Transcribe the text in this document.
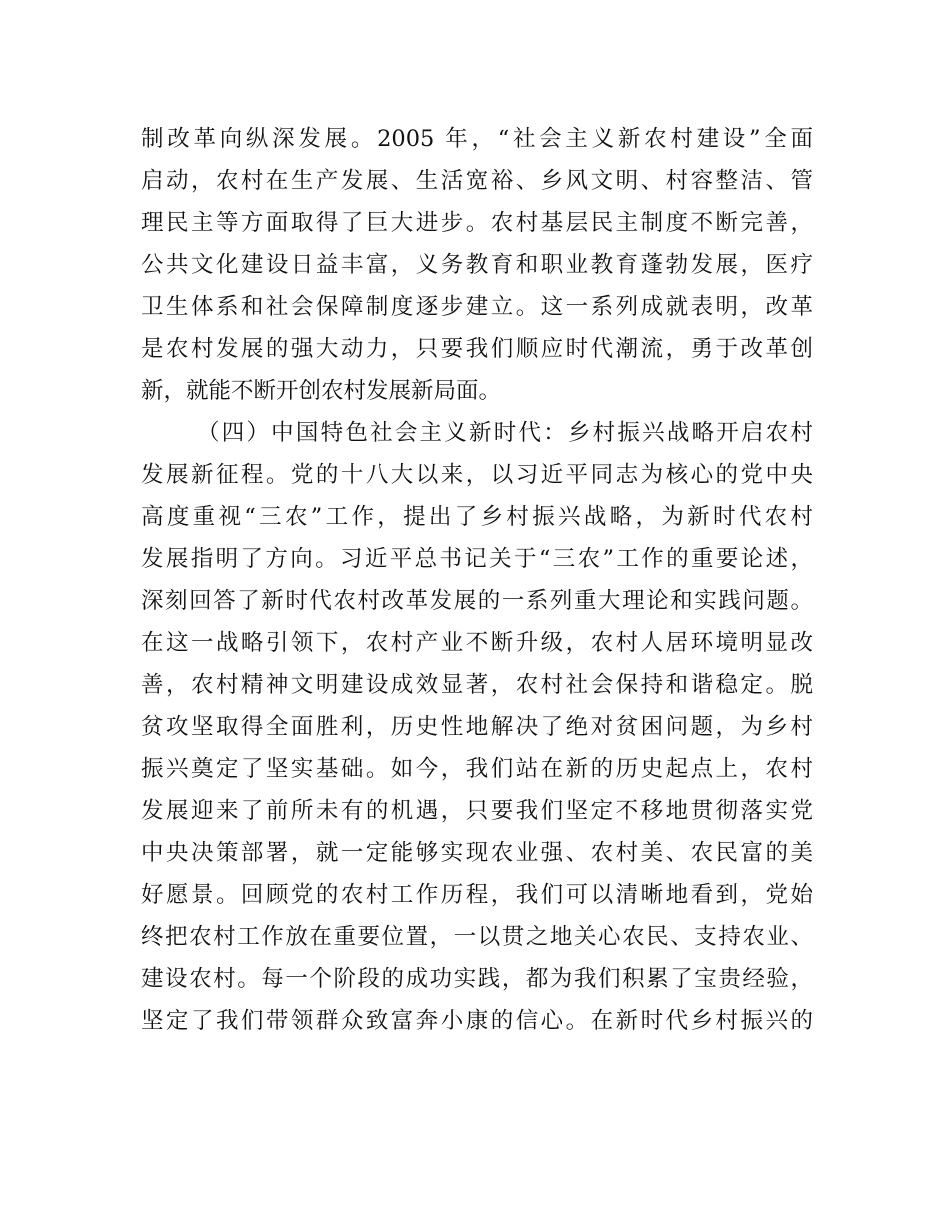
制改革向纵深发展。2005 年，“社会主义新农村建设”全面
启动，农村在生产发展、生活宽裕、乡风文明、村容整洁、管
理民主等方面取得了巨大进步。农村基层民主制度不断完善，
公共文化建设日益丰富，义务教育和职业教育蓬勃发展，医疗
卫生体系和社会保障制度逐步建立。这一系列成就表明，改革
是农村发展的强大动力，只要我们顺应时代潮流，勇于改革创
新，就能不断开创农村发展新局面。
（四）中国特色社会主义新时代：乡村振兴战略开启农村
发展新征程。党的十八大以来，以习近平同志为核心的党中央
高度重视“三农”工作，提出了乡村振兴战略，为新时代农村
发展指明了方向。习近平总书记关于“三农”工作的重要论述，
深刻回答了新时代农村改革发展的一系列重大理论和实践问题。
在这一战略引领下，农村产业不断升级，农村人居环境明显改
善，农村精神文明建设成效显著，农村社会保持和谐稳定。脱
贫攻坚取得全面胜利，历史性地解决了绝对贫困问题，为乡村
振兴奠定了坚实基础。如今，我们站在新的历史起点上，农村
发展迎来了前所未有的机遇，只要我们坚定不移地贯彻落实党
中央决策部署，就一定能够实现农业强、农村美、农民富的美
好愿景。回顾党的农村工作历程，我们可以清晰地看到，党始
终把农村工作放在重要位置，一以贯之地关心农民、支持农业、
建设农村。每一个阶段的成功实践，都为我们积累了宝贵经验，
坚定了我们带领群众致富奔小康的信心。在新时代乡村振兴的
